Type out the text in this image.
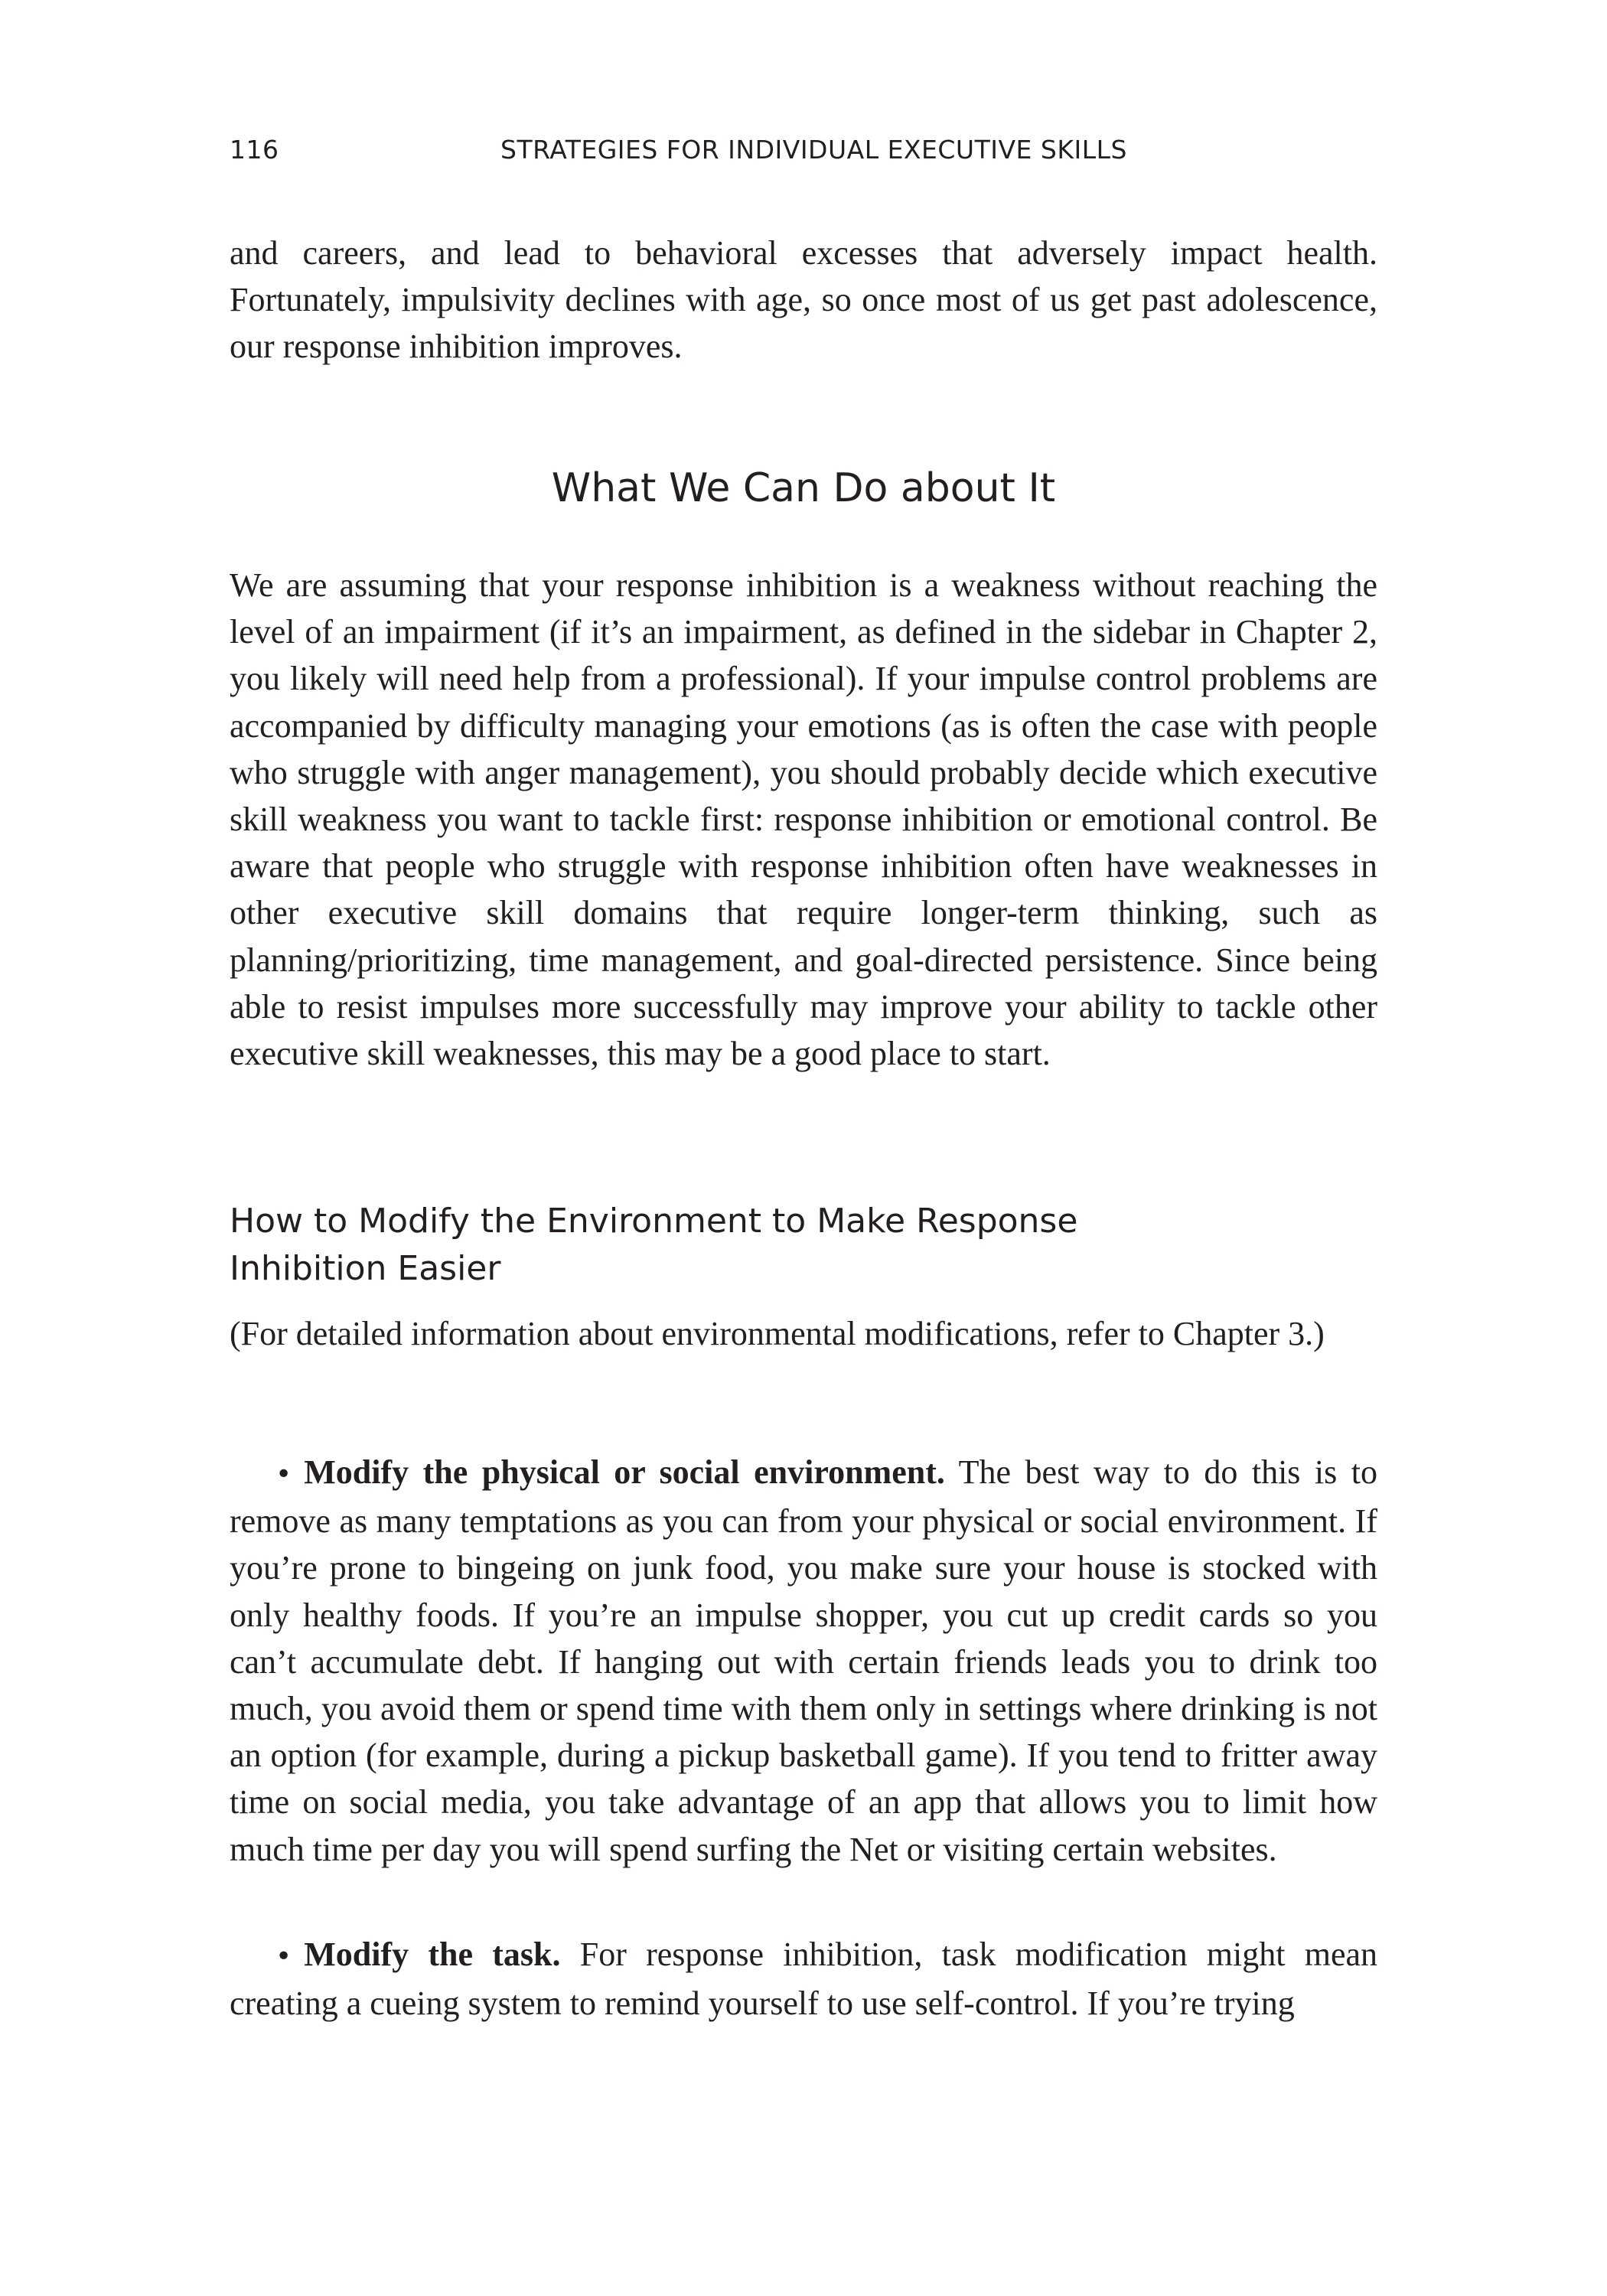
116	STRATEGIES FOR INDIVIDUAL EXECUTIVE SKILLS

and careers, and lead to behavioral excesses that adversely impact health. Fortunately, impulsivity declines with age, so once most of us get past adolescence, our response inhibition improves.

What We Can Do about It

We are assuming that your response inhibition is a weakness without reaching the level of an impairment (if it’s an impairment, as defined in the sidebar in Chapter 2, you likely will need help from a professional). If your impulse control problems are accompanied by difficulty managing your emotions (as is often the case with people who struggle with anger management), you should probably decide which executive skill weakness you want to tackle first: response inhibition or emotional control. Be aware that people who struggle with response inhibition often have weaknesses in other executive skill domains that require longer-term thinking, such as planning/prioritizing, time management, and goal-directed persistence. Since being able to resist impulses more successfully may improve your ability to tackle other executive skill weaknesses, this may be a good place to start.

How to Modify the Environment to Make Response
Inhibition Easier

(For detailed information about environmental modifications, refer to Chapter 3.)

• Modify the physical or social environment. The best way to do this is to remove as many temptations as you can from your physical or social environment. If you’re prone to bingeing on junk food, you make sure your house is stocked with only healthy foods. If you’re an impulse shopper, you cut up credit cards so you can’t accumulate debt. If hanging out with certain friends leads you to drink too much, you avoid them or spend time with them only in settings where drinking is not an option (for example, during a pickup basketball game). If you tend to fritter away time on social media, you take advantage of an app that allows you to limit how much time per day you will spend surfing the Net or visiting certain websites.

• Modify the task. For response inhibition, task modification might mean creating a cueing system to remind yourself to use self-control. If you’re trying
